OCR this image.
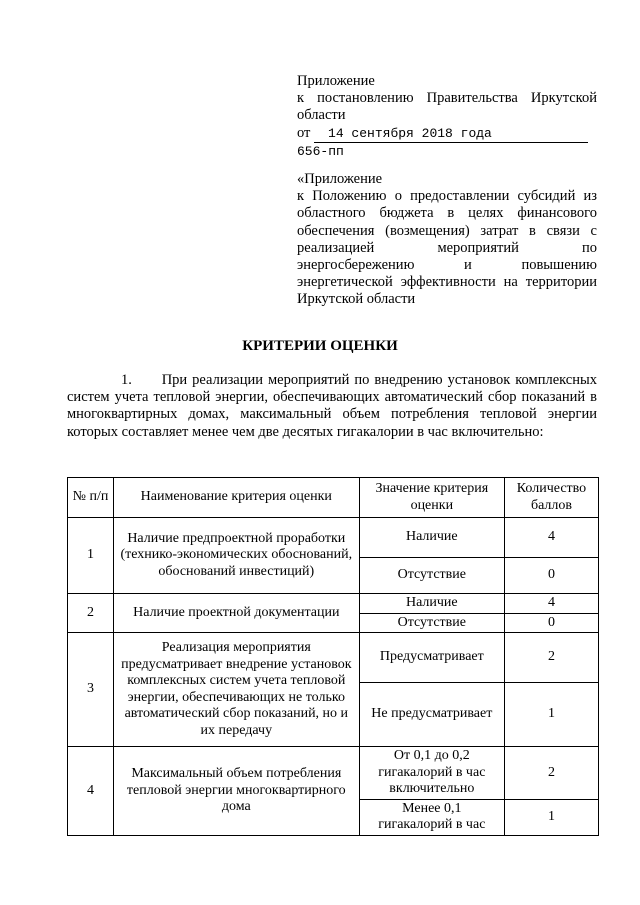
Приложение
к постановлению Правительства Иркутской
области
от 14 сентября 2018 года
656-пп
«Приложение
к Положению о предоставлении субсидий из областного бюджета в целях финансового обеспечения (возмещения) затрат в связи с реализацией мероприятий по энергосбережению и повышению энергетической эффективности на территории Иркутской области
КРИТЕРИИ ОЦЕНКИ
1. При реализации мероприятий по внедрению установок комплексных систем учета тепловой энергии, обеспечивающих автоматический сбор показаний в многоквартирных домах, максимальный объем потребления тепловой энергии которых составляет менее чем две десятых гигакалории в час включительно:
№ п/п	Наименование критерия оценки	Значение критерия оценки	Количество баллов
1	Наличие предпроектной проработки (технико-экономических обоснований, обоснований инвестиций)	Наличие	4
		Отсутствие	0
2	Наличие проектной документации	Наличие	4
		Отсутствие	0
3	Реализация мероприятия предусматривает внедрение установок комплексных систем учета тепловой энергии, обеспечивающих не только автоматический сбор показаний, но и их передачу	Предусматривает	2
		Не предусматривает	1
4	Максимальный объем потребления тепловой энергии многоквартирного дома	От 0,1 до 0,2 гигакалорий в час включительно	2
		Менее 0,1 гигакалорий в час	1
